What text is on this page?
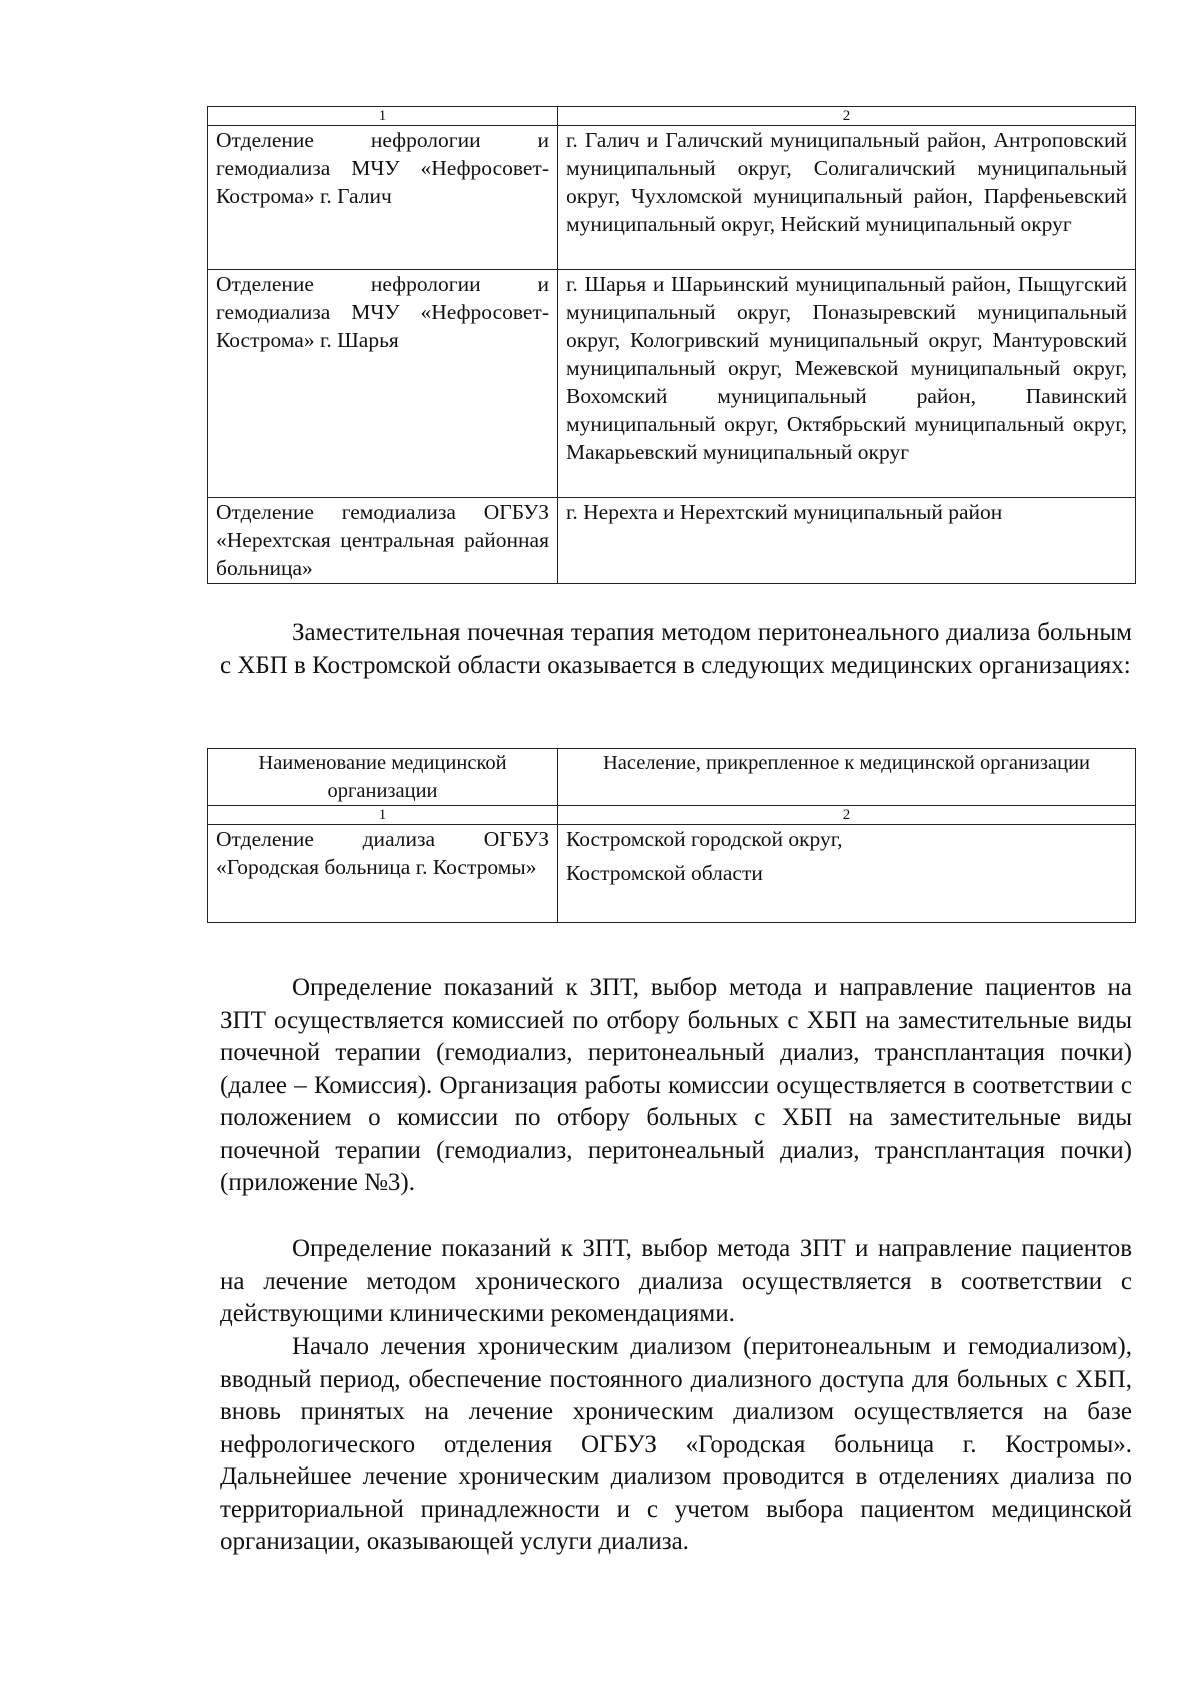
1	2
Отделение нефрологии и гемодиализа МЧУ «Нефросовет-Кострома» г. Галич	г. Галич и Галичский муниципальный район, Антроповский муниципальный округ, Солигаличский муниципальный округ, Чухломской муниципальный район, Парфеньевский муниципальный округ, Нейский муниципальный округ
Отделение нефрологии и гемодиализа МЧУ «Нефросовет-Кострома» г. Шарья	г. Шарья и Шарьинский муниципальный район, Пыщугский муниципальный округ, Поназыревский муниципальный округ, Кологривский муниципальный округ, Мантуровский муниципальный округ, Межевской муниципальный округ, Вохомский муниципальный район, Павинский муниципальный округ, Октябрьский муниципальный округ, Макарьевский муниципальный округ
Отделение гемодиализа ОГБУЗ «Нерехтская центральная районная больница»	г. Нерехта и Нерехтский муниципальный район

Заместительная почечная терапия методом перитонеального диализа больным с ХБП в Костромской области оказывается в следующих медицинских организациях:

Наименование медицинской организации	Население, прикрепленное к медицинской организации
1	2
Отделение диализа ОГБУЗ «Городская больница г. Костромы»	Костромской городской округ,
Костромской области

Определение показаний к ЗПТ, выбор метода и направление пациентов на ЗПТ осуществляется комиссией по отбору больных с ХБП на заместительные виды почечной терапии (гемодиализ, перитонеальный диализ, трансплантация почки) (далее – Комиссия). Организация работы комиссии осуществляется в соответствии с положением о комиссии по отбору больных с ХБП на заместительные виды почечной терапии (гемодиализ, перитонеальный диализ, трансплантация почки) (приложение №3).

Определение показаний к ЗПТ, выбор метода ЗПТ и направление пациентов на лечение методом хронического диализа осуществляется в соответствии с действующими клиническими рекомендациями.

Начало лечения хроническим диализом (перитонеальным и гемодиализом), вводный период, обеспечение постоянного диализного доступа для больных с ХБП, вновь принятых на лечение хроническим диализом осуществляется на базе нефрологического отделения ОГБУЗ «Городская больница г. Костромы». Дальнейшее лечение хроническим диализом проводится в отделениях диализа по территориальной принадлежности и с учетом выбора пациентом медицинской организации, оказывающей услуги диализа.
